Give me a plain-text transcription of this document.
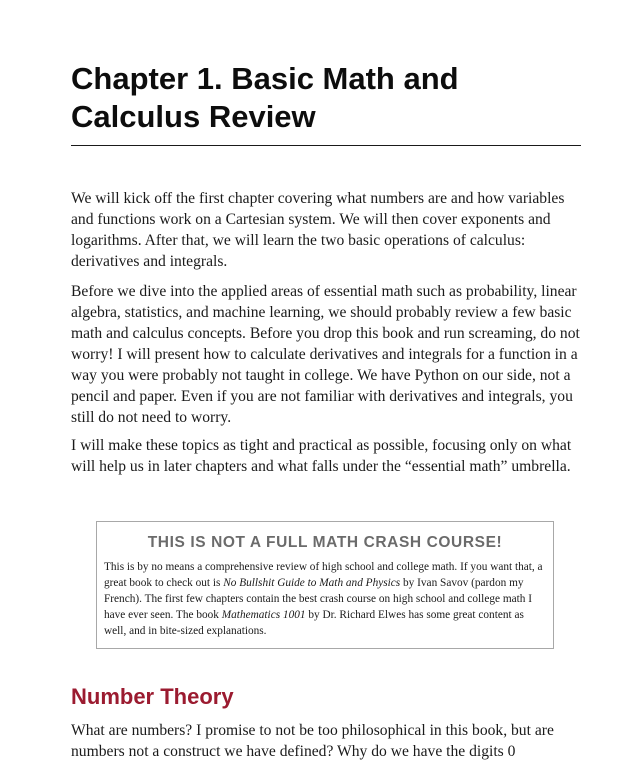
Chapter 1. Basic Math and Calculus Review

We will kick off the first chapter covering what numbers are and how variables and functions work on a Cartesian system. We will then cover exponents and logarithms. After that, we will learn the two basic operations of calculus: derivatives and integrals.

Before we dive into the applied areas of essential math such as probability, linear algebra, statistics, and machine learning, we should probably review a few basic math and calculus concepts. Before you drop this book and run screaming, do not worry! I will present how to calculate derivatives and integrals for a function in a way you were probably not taught in college. We have Python on our side, not a pencil and paper. Even if you are not familiar with derivatives and integrals, you still do not need to worry.

I will make these topics as tight and practical as possible, focusing only on what will help us in later chapters and what falls under the “essential math” umbrella.

THIS IS NOT A FULL MATH CRASH COURSE!

This is by no means a comprehensive review of high school and college math. If you want that, a great book to check out is No Bullshit Guide to Math and Physics by Ivan Savov (pardon my French). The first few chapters contain the best crash course on high school and college math I have ever seen. The book Mathematics 1001 by Dr. Richard Elwes has some great content as well, and in bite-sized explanations.

Number Theory

What are numbers? I promise to not be too philosophical in this book, but are numbers not a construct we have defined? Why do we have the digits 0
